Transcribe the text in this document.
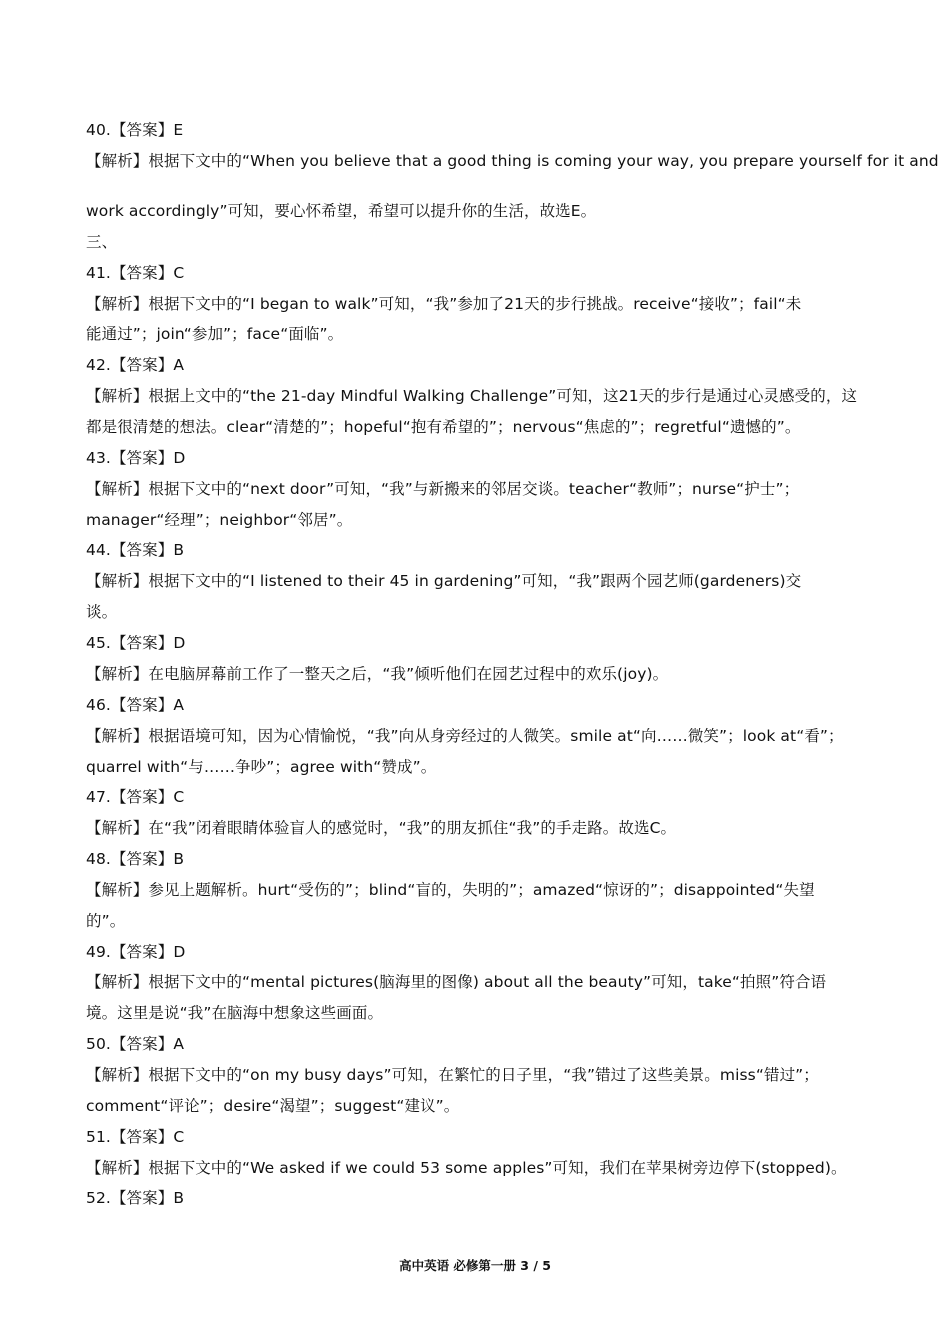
40.【答案】E
【解析】根据下文中的“When you believe that a good thing is coming your way, you prepare yourself for it and
work accordingly”可知，要心怀希望，希望可以提升你的生活，故选E。
三、
41.【答案】C
【解析】根据下文中的“I began to walk”可知，“我”参加了21天的步行挑战。receive“接收”；fail“未
能通过”；join“参加”；face“面临”。
42.【答案】A
【解析】根据上文中的“the 21-day Mindful Walking Challenge”可知，这21天的步行是通过心灵感受的，这
都是很清楚的想法。clear“清楚的”；hopeful“抱有希望的”；nervous“焦虑的”；regretful“遗憾的”。
43.【答案】D
【解析】根据下文中的“next door”可知，“我”与新搬来的邻居交谈。teacher“教师”；nurse“护士”；
manager“经理”；neighbor“邻居”。
44.【答案】B
【解析】根据下文中的“I listened to their 45 in gardening”可知，“我”跟两个园艺师(gardeners)交
谈。
45.【答案】D
【解析】在电脑屏幕前工作了一整天之后，“我”倾听他们在园艺过程中的欢乐(joy)。
46.【答案】A
【解析】根据语境可知，因为心情愉悦，“我”向从身旁经过的人微笑。smile at“向……微笑”；look at“看”；
quarrel with“与……争吵”；agree with“赞成”。
47.【答案】C
【解析】在“我”闭着眼睛体验盲人的感觉时，“我”的朋友抓住“我”的手走路。故选C。
48.【答案】B
【解析】参见上题解析。hurt“受伤的”；blind“盲的，失明的”；amazed“惊讶的”；disappointed“失望
的”。
49.【答案】D
【解析】根据下文中的“mental pictures(脑海里的图像) about all the beauty”可知，take“拍照”符合语
境。这里是说“我”在脑海中想象这些画面。
50.【答案】A
【解析】根据下文中的“on my busy days”可知，在繁忙的日子里，“我”错过了这些美景。miss“错过”；
comment“评论”；desire“渴望”；suggest“建议”。
51.【答案】C
【解析】根据下文中的“We asked if we could 53 some apples”可知，我们在苹果树旁边停下(stopped)。
52.【答案】B
高中英语 必修第一册 3 / 5
